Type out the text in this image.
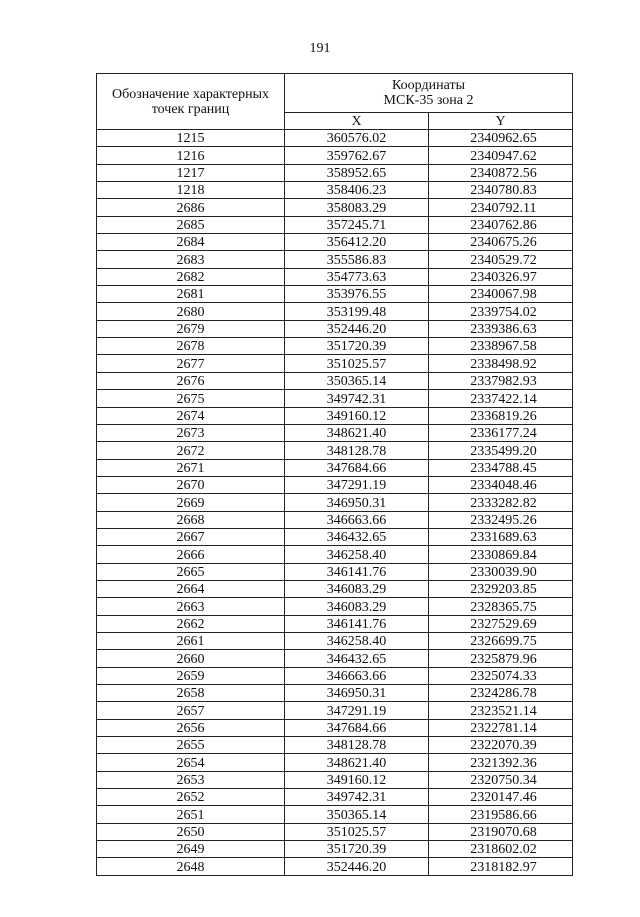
191
Обозначение характерных точек границ	Координаты
МСК-35 зона 2	

	X	Y
1215	360576.02	2340962.65
1216	359762.67	2340947.62
1217	358952.65	2340872.56
1218	358406.23	2340780.83
2686	358083.29	2340792.11
2685	357245.71	2340762.86
2684	356412.20	2340675.26
2683	355586.83	2340529.72
2682	354773.63	2340326.97
2681	353976.55	2340067.98
2680	353199.48	2339754.02
2679	352446.20	2339386.63
2678	351720.39	2338967.58
2677	351025.57	2338498.92
2676	350365.14	2337982.93
2675	349742.31	2337422.14
2674	349160.12	2336819.26
2673	348621.40	2336177.24
2672	348128.78	2335499.20
2671	347684.66	2334788.45
2670	347291.19	2334048.46
2669	346950.31	2333282.82
2668	346663.66	2332495.26
2667	346432.65	2331689.63
2666	346258.40	2330869.84
2665	346141.76	2330039.90
2664	346083.29	2329203.85
2663	346083.29	2328365.75
2662	346141.76	2327529.69
2661	346258.40	2326699.75
2660	346432.65	2325879.96
2659	346663.66	2325074.33
2658	346950.31	2324286.78
2657	347291.19	2323521.14
2656	347684.66	2322781.14
2655	348128.78	2322070.39
2654	348621.40	2321392.36
2653	349160.12	2320750.34
2652	349742.31	2320147.46
2651	350365.14	2319586.66
2650	351025.57	2319070.68
2649	351720.39	2318602.02
2648	352446.20	2318182.97
